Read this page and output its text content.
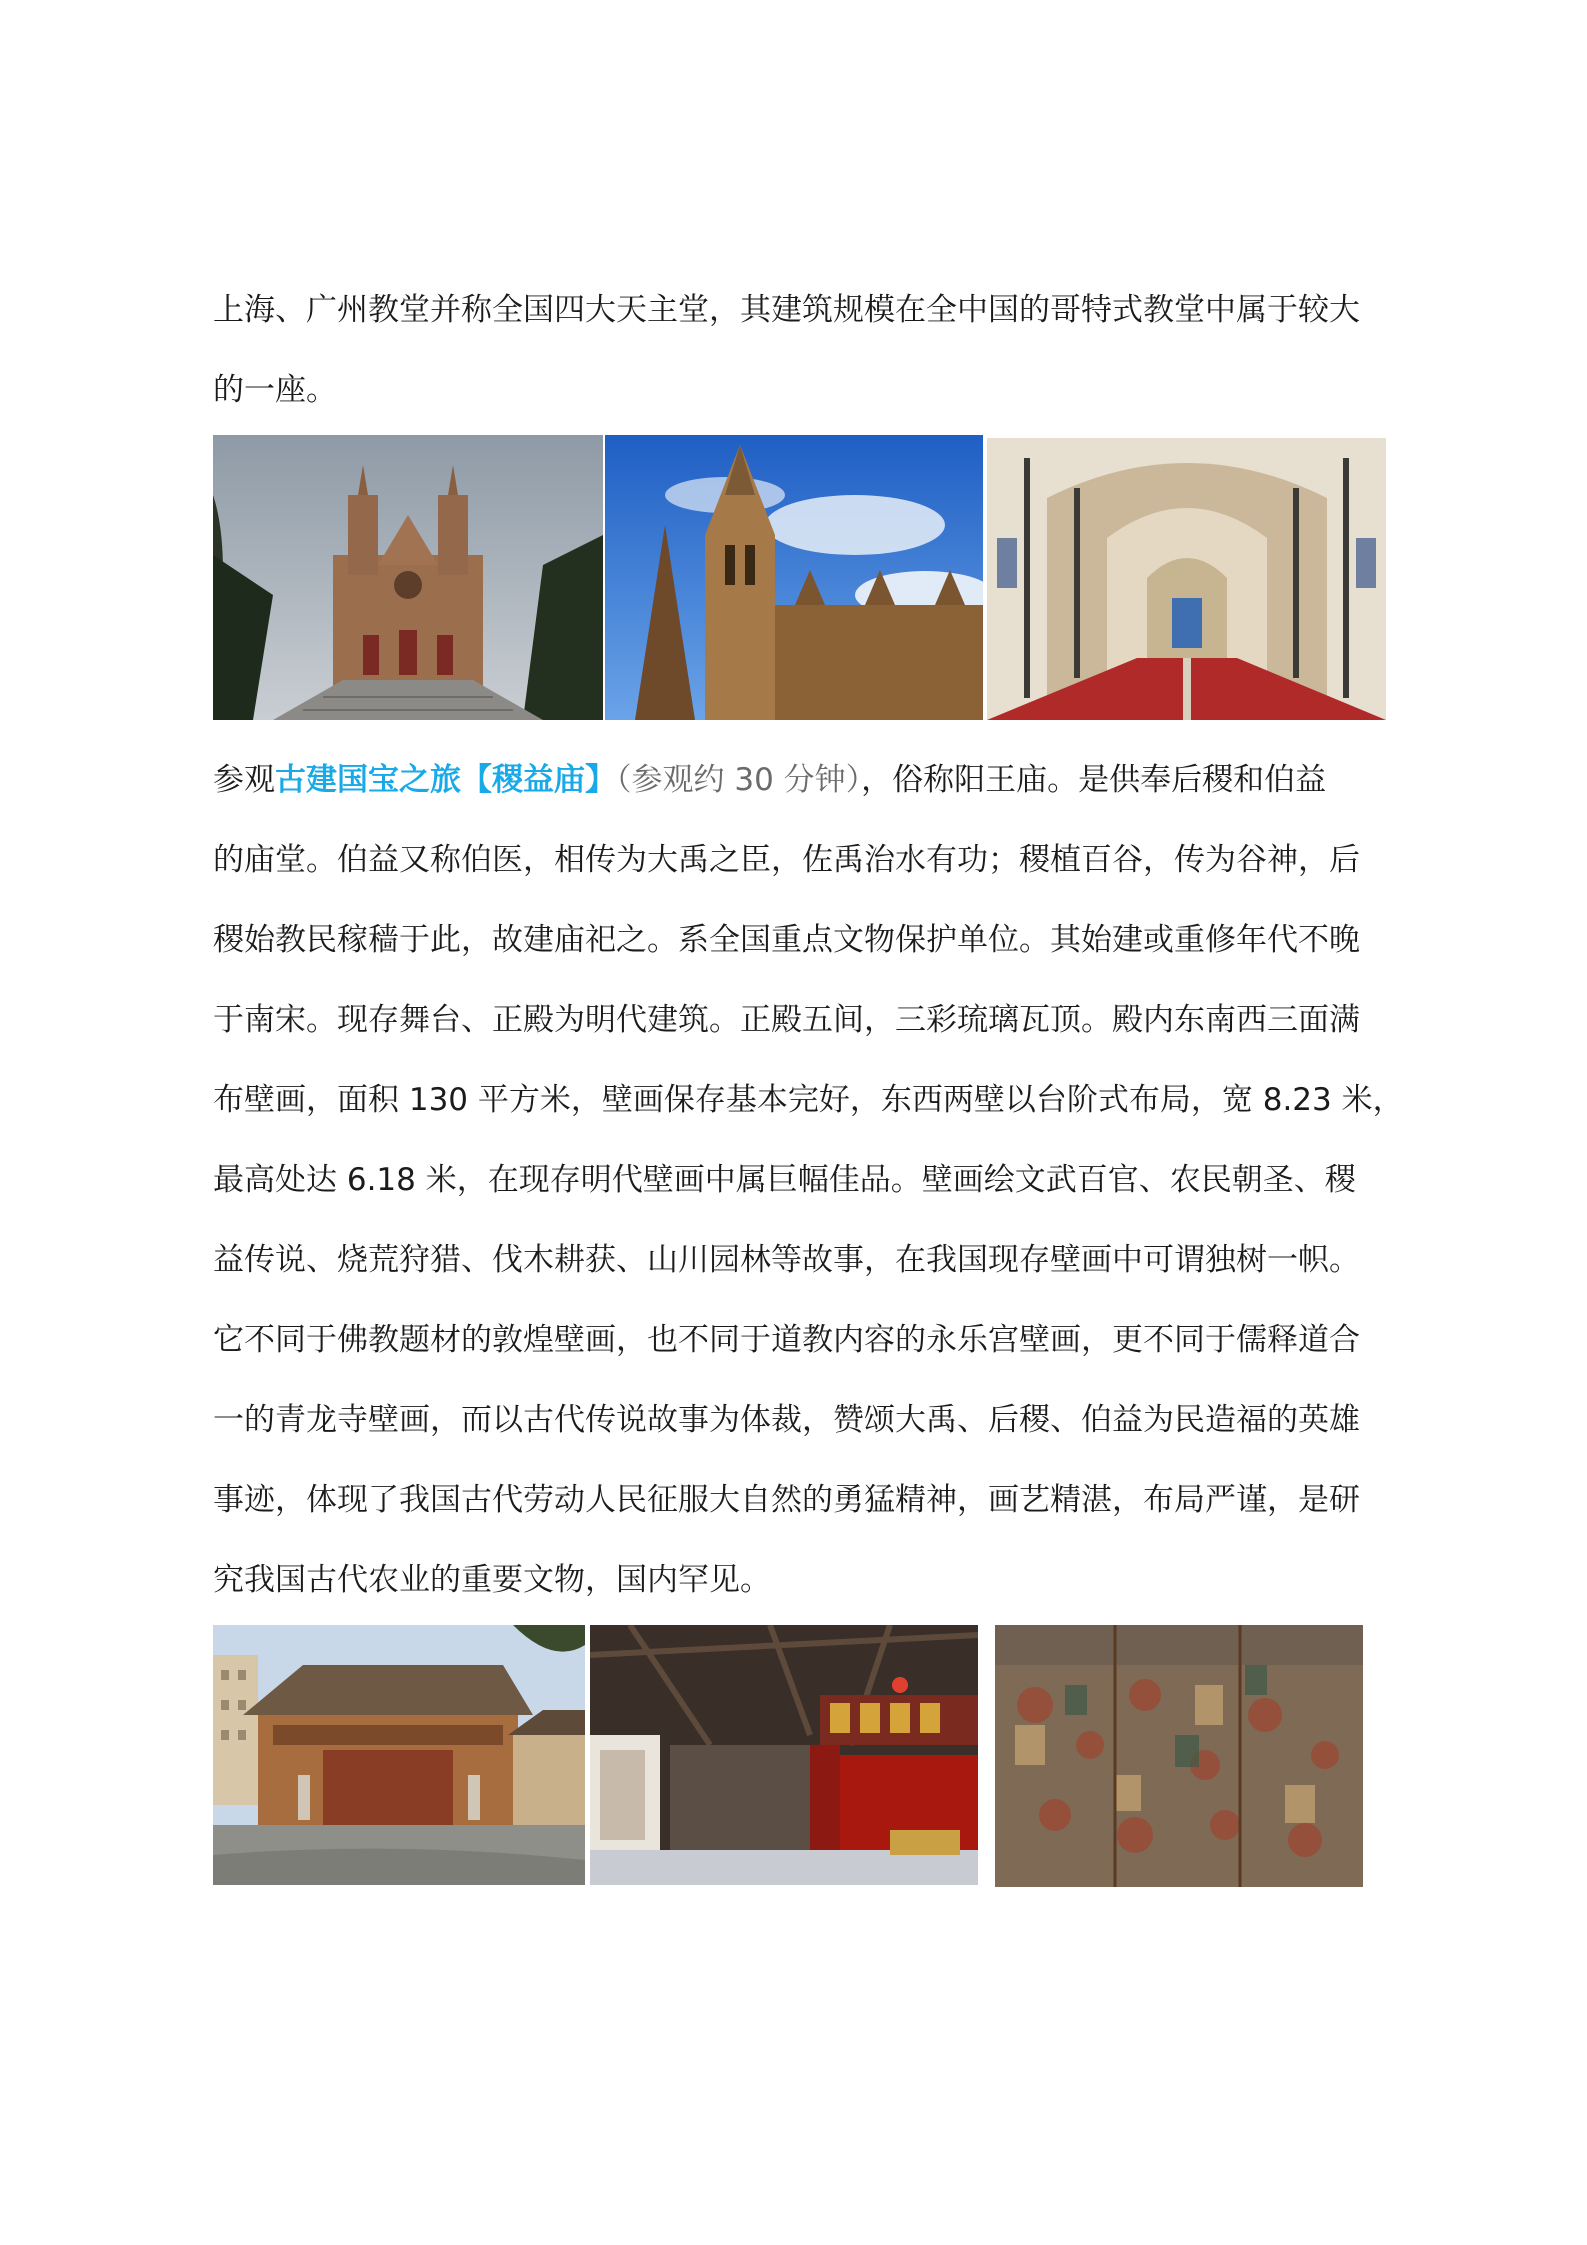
上海、广州教堂并称全国四大天主堂，其建筑规模在全中国的哥特式教堂中属于较大

的一座。

参观古建国宝之旅【稷益庙】（参观约 30 分钟），俗称阳王庙。是供奉后稷和伯益

的庙堂。伯益又称伯医，相传为大禹之臣，佐禹治水有功；稷植百谷，传为谷神，后

稷始教民稼穑于此，故建庙祀之。系全国重点文物保护单位。其始建或重修年代不晚

于南宋。现存舞台、正殿为明代建筑。正殿五间，三彩琉璃瓦顶。殿内东南西三面满

布壁画，面积 130 平方米，壁画保存基本完好，东西两壁以台阶式布局，宽 8.23 米，

最高处达 6.18 米，在现存明代壁画中属巨幅佳品。壁画绘文武百官、农民朝圣、稷

益传说、烧荒狩猎、伐木耕获、山川园林等故事，在我国现存壁画中可谓独树一帜。

它不同于佛教题材的敦煌壁画，也不同于道教内容的永乐宫壁画，更不同于儒释道合

一的青龙寺壁画，而以古代传说故事为体裁，赞颂大禹、后稷、伯益为民造福的英雄

事迹，体现了我国古代劳动人民征服大自然的勇猛精神，画艺精湛，布局严谨，是研

究我国古代农业的重要文物，国内罕见。
